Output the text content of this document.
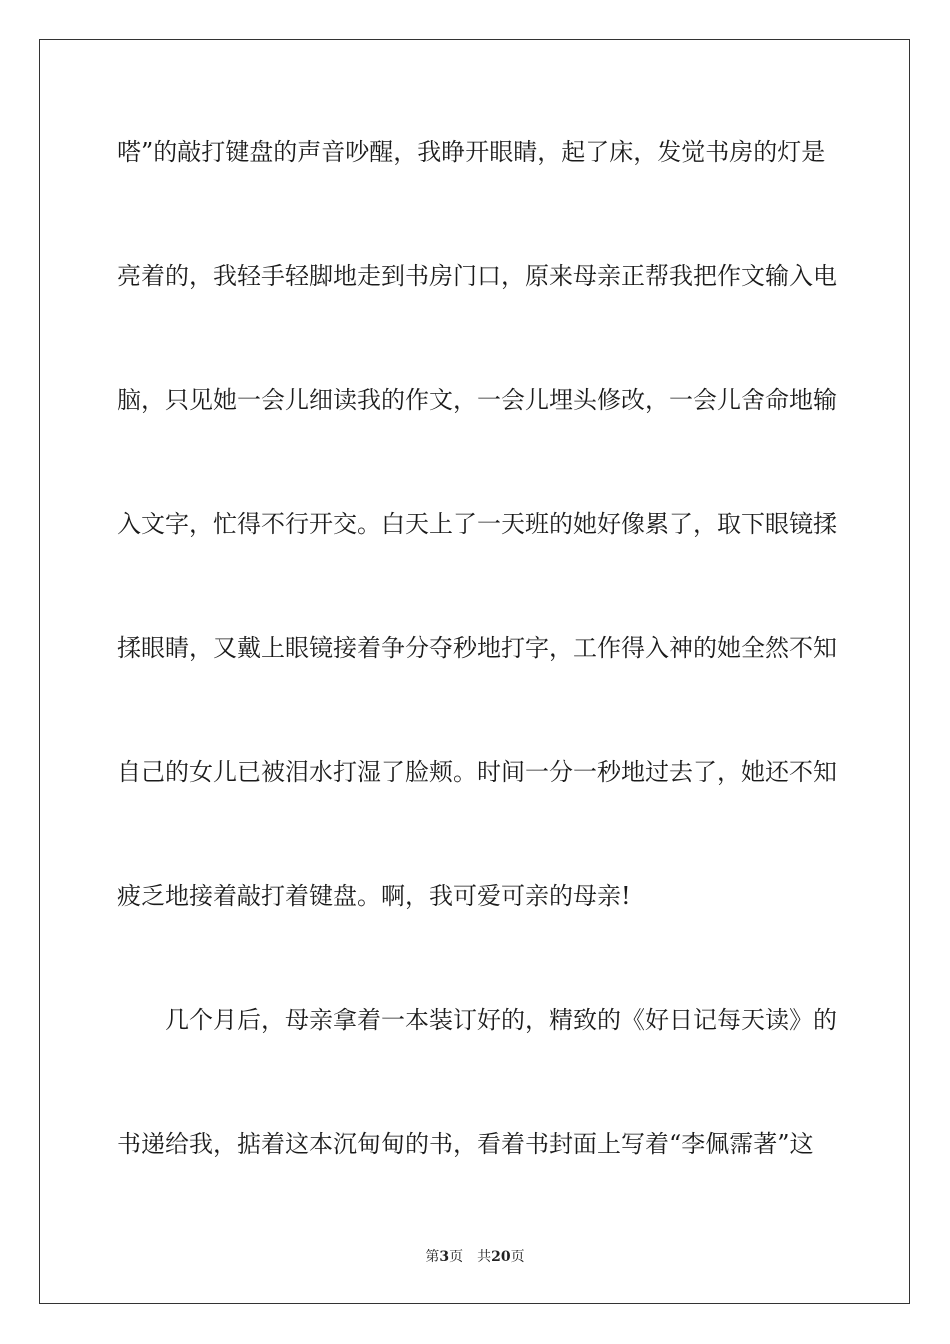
嗒”的敲打键盘的声音吵醒，我睁开眼睛，起了床，发觉书房的灯是
亮着的，我轻手轻脚地走到书房门口，原来母亲正帮我把作文输入电
脑，只见她一会儿细读我的作文，一会儿埋头修改，一会儿舍命地输
入文字，忙得不行开交。白天上了一天班的她好像累了，取下眼镜揉
揉眼睛，又戴上眼镜接着争分夺秒地打字，工作得入神的她全然不知
自己的女儿已被泪水打湿了脸颊。时间一分一秒地过去了，她还不知
疲乏地接着敲打着键盘。啊，我可爱可亲的母亲!
几个月后，母亲拿着一本装订好的，精致的《好日记每天读》的
书递给我，掂着这本沉甸甸的书，看着书封面上写着“李佩霈著”这
第3页 共20页
